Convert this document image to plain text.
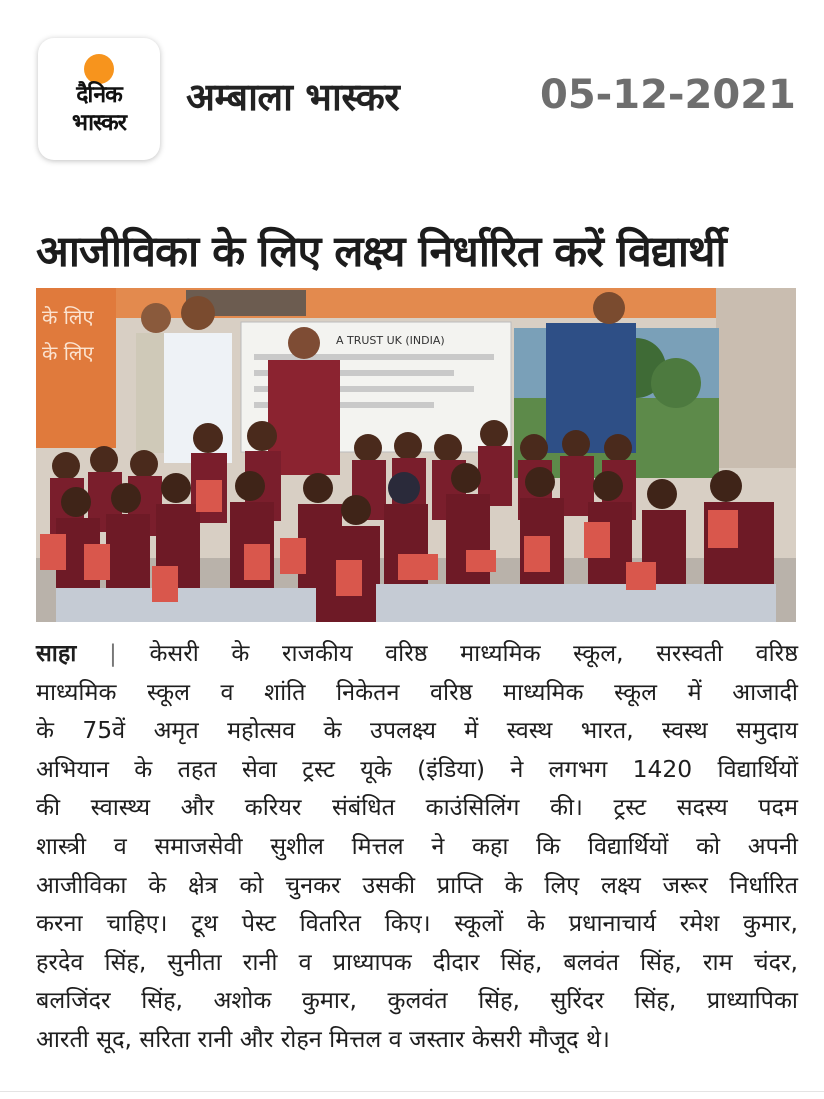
दैनिक
भास्कर
अम्बाला भास्कर	05-12-2021
आजीविका के लिए लक्ष्य निर्धारित करें विद्यार्थी
के लिए
के लिए
A TRUST UK (INDIA)
साहा | केसरी के राजकीय वरिष्ठ माध्यमिक स्कूल, सरस्वती वरिष्ठ
माध्यमिक स्कूल व शांति निकेतन वरिष्ठ माध्यमिक स्कूल में आजादी
के 75वें अमृत महोत्सव के उपलक्ष्य में स्वस्थ भारत, स्वस्थ समुदाय
अभियान के तहत सेवा ट्रस्ट यूके (इंडिया) ने लगभग 1420 विद्यार्थियों
की स्वास्थ्य और करियर संबंधित काउंसिलिंग की। ट्रस्ट सदस्य पदम
शास्त्री व समाजसेवी सुशील मित्तल ने कहा कि विद्यार्थियों को अपनी
आजीविका के क्षेत्र को चुनकर उसकी प्राप्ति के लिए लक्ष्य जरूर निर्धारित
करना चाहिए। टूथ पेस्ट वितरित किए। स्कूलों के प्रधानाचार्य रमेश कुमार,
हरदेव सिंह, सुनीता रानी व प्राध्यापक दीदार सिंह, बलवंत सिंह, राम चंदर,
बलजिंदर सिंह, अशोक कुमार, कुलवंत सिंह, सुरिंदर सिंह, प्राध्यापिका
आरती सूद, सरिता रानी और रोहन मित्तल व जस्तार केसरी मौजूद थे।
